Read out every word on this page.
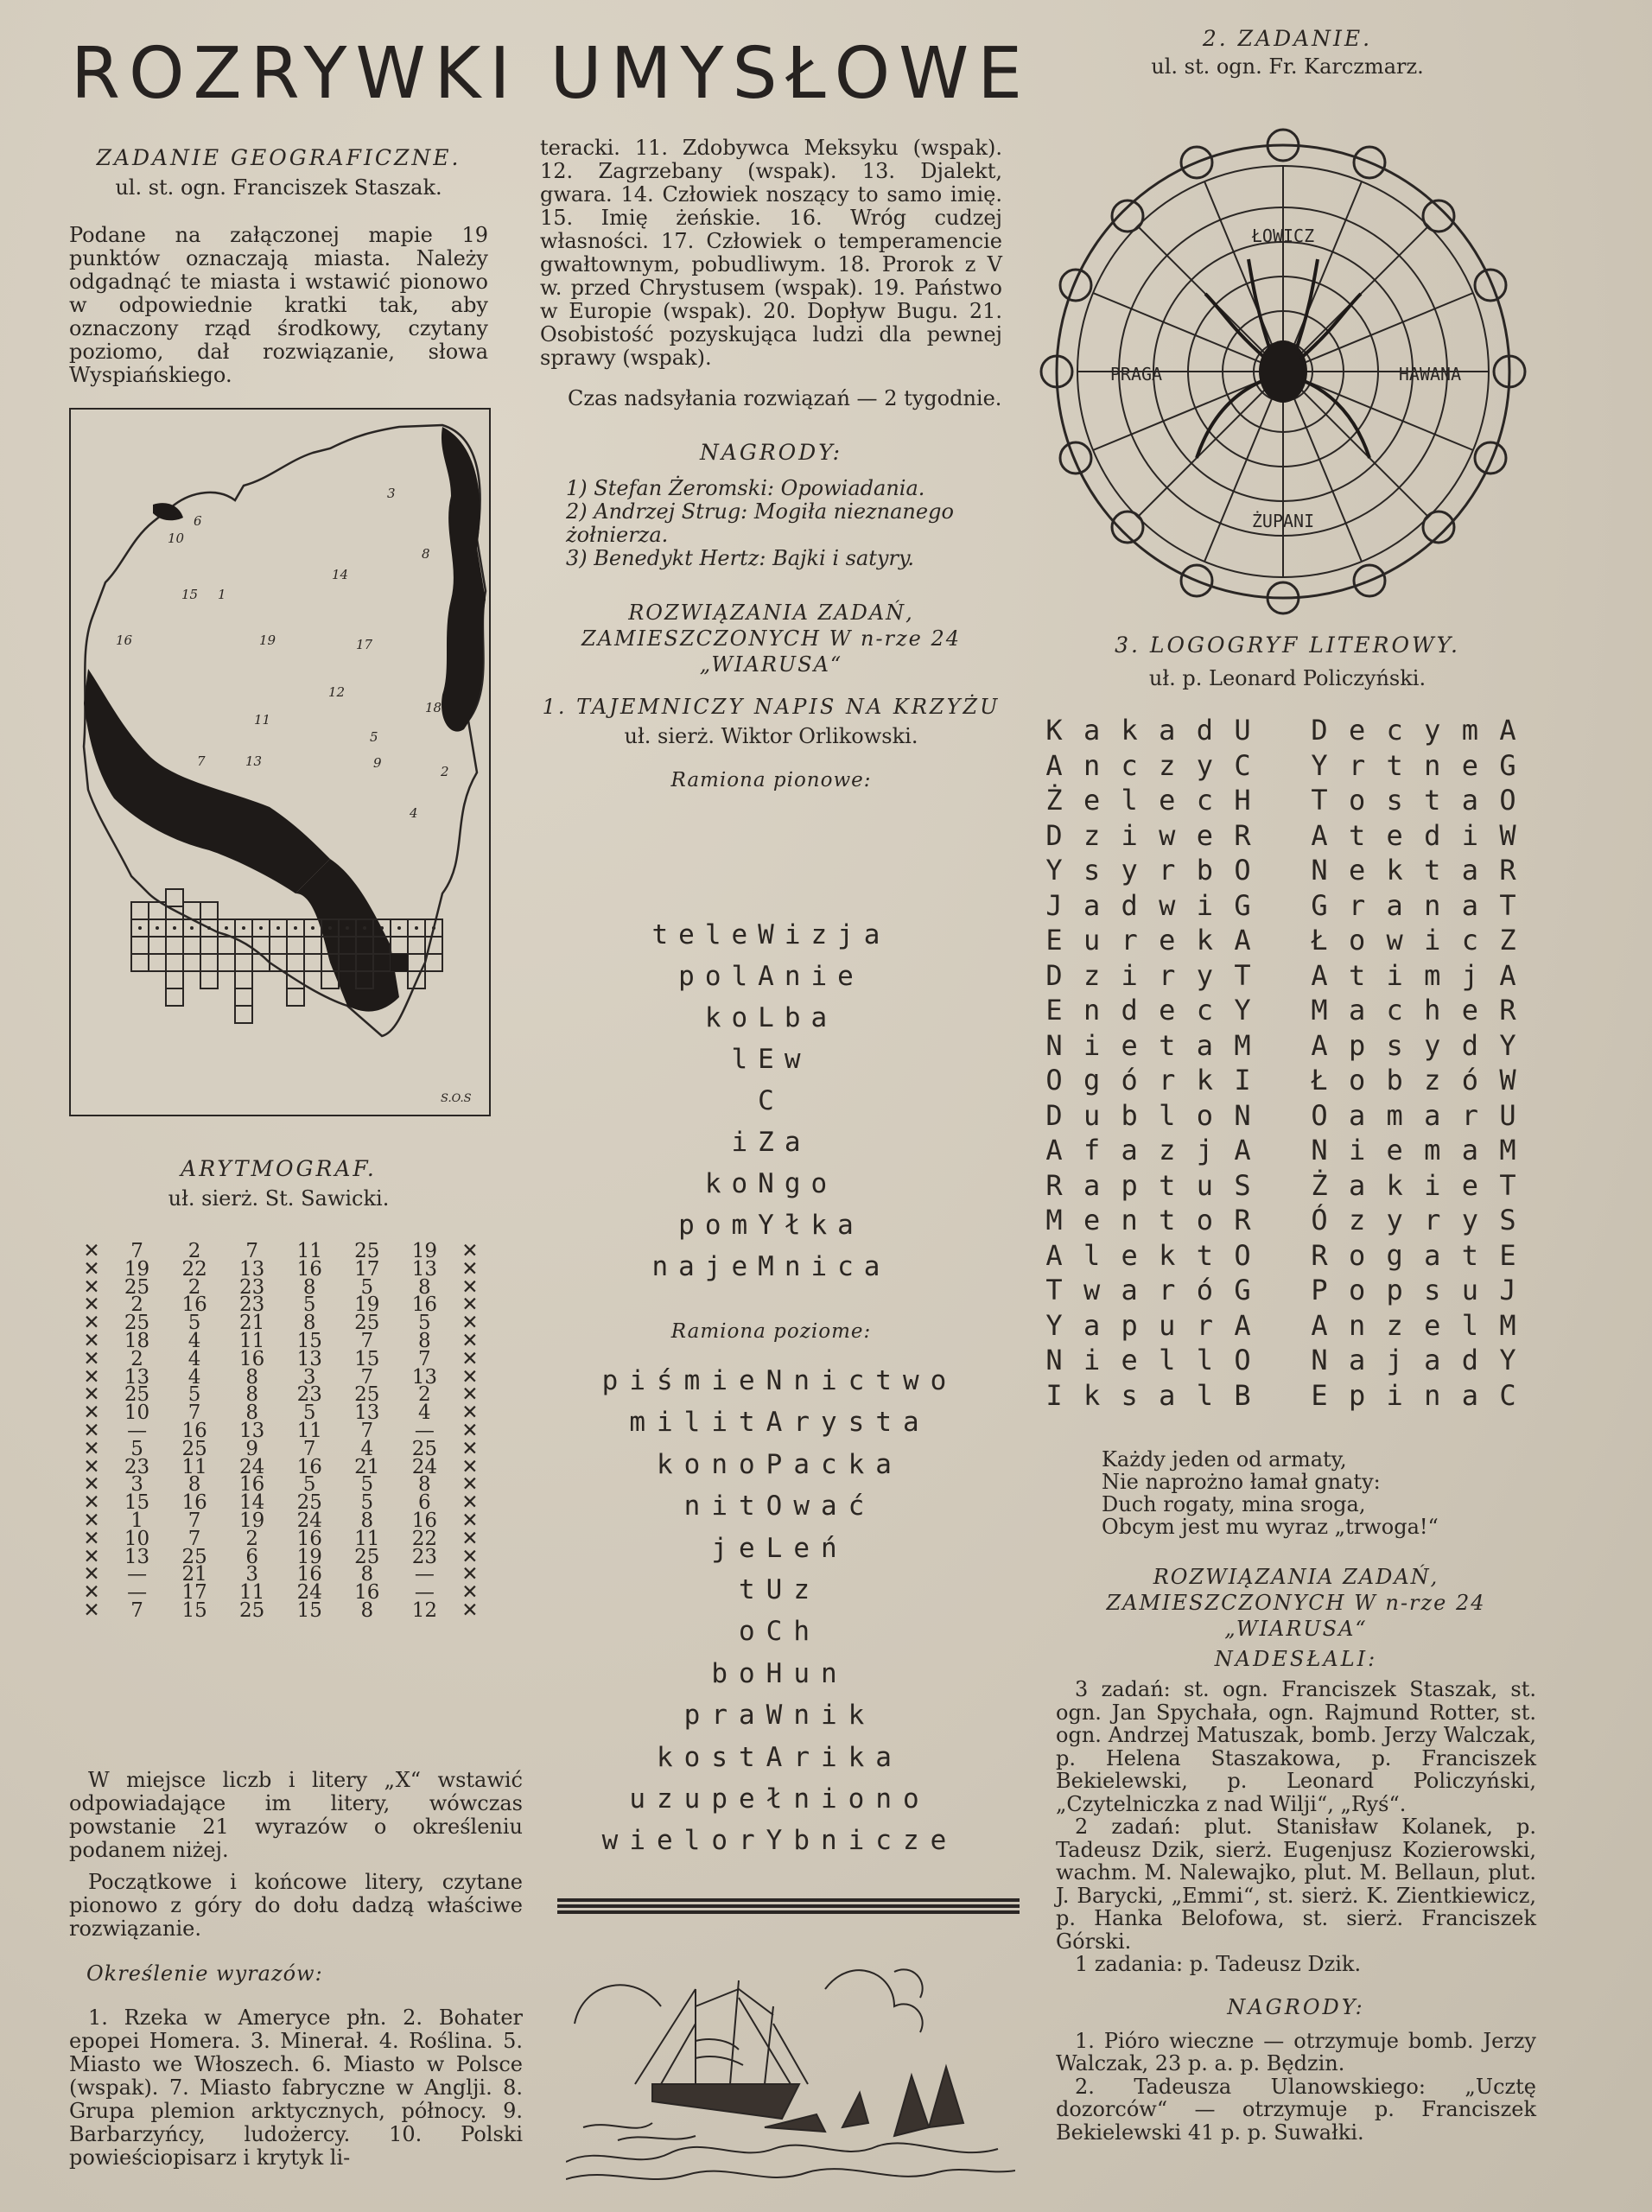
ROZRYWKI UMYSŁOWE

ZADANIE GEOGRAFICZNE.

ul. st. ogn. Franciszek Staszak.

Podane na załączonej mapie 19 punktów oznaczają miasta. Należy odgadnąć te miasta i wstawić pionowo w odpowiednie kratki tak, aby oznaczony rząd środkowy, czytany poziomo, dał rozwiązanie, słowa Wyspiańskiego.

3
6
10
8
14
15 1
16	19	17
12
18
11
5
7	13	9
2
4
S.O.S

ARYTMOGRAF.

uł. sierż. St. Sawicki.

✕	7	2	7	11	25	19	✕
✕	19	22	13	16	17	13	✕
✕	25	2	23	8	5	8	✕
✕	2	16	23	5	19	16	✕
✕	25	5	21	8	25	5	✕
✕	18	4	11	15	7	8	✕
✕	2	4	16	13	15	7	✕
✕	13	4	8	3	7	13	✕
✕	25	5	8	23	25	2	✕
✕	10	7	8	5	13	4	✕
✕	—	16	13	11	7	—	✕
✕	5	25	9	7	4	25	✕
✕	23	11	24	16	21	24	✕
✕	3	8	16	5	5	8	✕
✕	15	16	14	25	5	6	✕
✕	1	7	19	24	8	16	✕
✕	10	7	2	16	11	22	✕
✕	13	25	6	19	25	23	✕
✕	—	21	3	16	8	—	✕
✕	—	17	11	24	16	—	✕
✕	7	15	25	15	8	12	✕

W miejsce liczb i litery „X“ wstawić odpowiadające im litery, wówczas powstanie 21 wyrazów o określeniu podanem niżej.

Początkowe i końcowe litery, czytane pionowo z góry do dołu dadzą właściwe rozwiązanie.

Określenie wyrazów:

1. Rzeka w Ameryce płn. 2. Bohater epopei Homera. 3. Minerał. 4. Roślina. 5. Miasto we Włoszech. 6. Miasto w Polsce (wspak). 7. Miasto fabryczne w Anglji. 8. Grupa plemion arktycznych, północy. 9. Barbarzyńcy, ludożercy. 10. Polski powieściopisarz i krytyk li-

teracki. 11. Zdobywca Meksyku (wspak). 12. Zagrzebany (wspak). 13. Djalekt, gwara. 14. Człowiek noszący to samo imię. 15. Imię żeńskie. 16. Wróg cudzej własności. 17. Człowiek o temperamencie gwałtownym, pobudliwym. 18. Prorok z V w. przed Chrystusem (wspak). 19. Państwo w Europie (wspak). 20. Dopływ Bugu. 21. Osobistość pozyskująca ludzi dla pewnej sprawy (wspak).

Czas nadsyłania rozwiązań — 2 tygodnie.

NAGRODY:

1) Stefan Żeromski: Opowiadania.
2) Andrzej Strug: Mogiła nieznanego żołnierza.
3) Benedykt Hertz: Bajki i satyry.

ROZWIĄZANIA ZADAŃ, ZAMIESZCZONYCH W n-rze 24 „WIARUSA“

1. TAJEMNICZY NAPIS NA KRZYŻU

uł. sierż. Wiktor Orlikowski.

Ramiona pionowe:

teleWizja
polAnie
koLba
lEw
C
iZa
koNgo
pomYłka
najeMnica

Ramiona poziome:

piśmieNnictwo
militArysta
konoPacka
nitOwać
jeLeń
tUz
oCh
boHun
praWnik
kostArika
uzupełniono
wielorYbnicze

2. ZADANIE.

ul. st. ogn. Fr. Karczmarz.

ŁOWICZ
ŻUPANI
PRAGA	HAWANA

3. LOGOGRYF LITEROWY.

uł. p. Leonard Policzyński.

K a k a d U
A n c z y C
Ż e l e c H
D z i w e R
Y s y r b O
J a d w i G
E u r e k A
D z i r y T
E n d e c Y
N i e t a M
O g ó r k I
D u b l o N
A f a z j A
R a p t u S
M e n t o R
A l e k t O
T w a r ó G
Y a p u r A
N i e l l O
I k s a l B
D e c y m A
Y r t n e G
T o s t a O
A t e d i W
N e k t a R
G r a n a T
Ł o w i c Z
A t i m j A
M a c h e R
A p s y d Y
Ł o b z ó W
O a m a r U
N i e m a M
Ż a k i e T
Ó z y r y S
R o g a t E
P o p s u J
A n z e l M
N a j a d Y
E p i n a C
Każdy jeden od armaty,
Nie naprożno łamał gnaty:
Duch rogaty, mina sroga,
Obcym jest mu wyraz „trwoga!“

ROZWIĄZANIA ZADAŃ, ZAMIESZCZONYCH W n-rze 24 „WIARUSA“

NADESŁALI:

3 zadań: st. ogn. Franciszek Staszak, st. ogn. Jan Spychała, ogn. Rajmund Rotter, st. ogn. Andrzej Matuszak, bomb. Jerzy Walczak, p. Helena Staszakowa, p. Franciszek Bekielewski, p. Leonard Policzyński, „Czytelniczka z nad Wilji“, „Ryś“.

2 zadań: plut. Stanisław Kolanek, p. Tadeusz Dzik, sierż. Eugenjusz Kozierowski, wachm. M. Nalewajko, plut. M. Bellaun, plut. J. Barycki, „Emmi“, st. sierż. K. Zientkiewicz, p. Hanka Belofowa, st. sierż. Franciszek Górski.

1 zadania: p. Tadeusz Dzik.

NAGRODY:

1. Pióro wieczne — otrzymuje bomb. Jerzy Walczak, 23 p. a. p. Będzin.

2. Tadeusza Ulanowskiego: „Ucztę dozorców“ — otrzymuje p. Franciszek Bekielewski 41 p. p. Suwałki.
